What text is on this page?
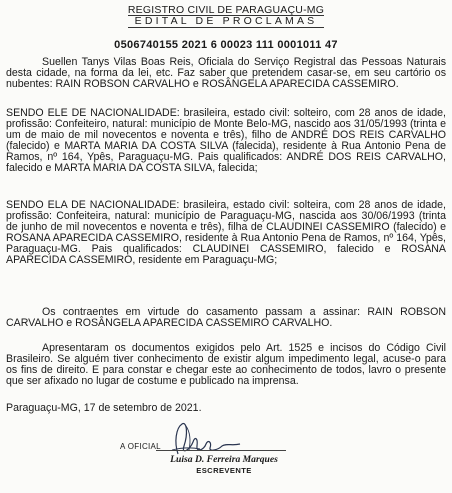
REGISTRO CIVIL DE PARAGUAÇU-MG
EDITAL DE PROCLAMAS
0506740155 2021 6 00023 111 0001011 47

Suellen Tanys Vilas Boas Reis, Oficiala do Serviço Registral das Pessoas Naturais desta cidade, na forma da lei, etc. Faz saber que pretendem casar-se, em seu cartório os nubentes: RAIN ROBSON CARVALHO e ROSÂNGELA APARECIDA CASSEMIRO.

SENDO ELE DE NACIONALIDADE: brasileira, estado civil: solteiro, com 28 anos de idade, profissão: Confeiteiro, natural: município de Monte Belo-MG, nascido aos 31/05/1993 (trinta e um de maio de mil novecentos e noventa e três), filho de ANDRÉ DOS REIS CARVALHO (falecido) e MARTA MARIA DA COSTA SILVA (falecida), residente à Rua Antonio Pena de Ramos, nº 164, Ypês, Paraguaçu-MG. Pais qualificados: ANDRÉ DOS REIS CARVALHO, falecido e MARTA MARIA DA COSTA SILVA, falecida;

SENDO ELA DE NACIONALIDADE: brasileira, estado civil: solteira, com 28 anos de idade, profissão: Confeiteira, natural: município de Paraguaçu-MG, nascida aos 30/06/1993 (trinta de junho de mil novecentos e noventa e três), filha de CLAUDINEI CASSEMIRO (falecido) e ROSANA APARECIDA CASSEMIRO, residente à Rua Antonio Pena de Ramos, nº 164, Ypês, Paraguaçu-MG. Pais qualificados: CLAUDINEI CASSEMIRO, falecido e ROSANA APARECIDA CASSEMIRO, residente em Paraguaçu-MG;

Os contraentes em virtude do casamento passam a assinar: RAIN ROBSON CARVALHO e ROSÂNGELA APARECIDA CASSEMIRO CARVALHO.

Apresentaram os documentos exigidos pelo Art. 1525 e incisos do Código Civil Brasileiro. Se alguém tiver conhecimento de existir algum impedimento legal, acuse-o para os fins de direito. E para constar e chegar este ao conhecimento de todos, lavro o presente que ser afixado no lugar de costume e publicado na imprensa.

Paraguaçu-MG, 17 de setembro de 2021.

A OFICIAL
Luisa D. Ferreira Marques
ESCREVENTE
